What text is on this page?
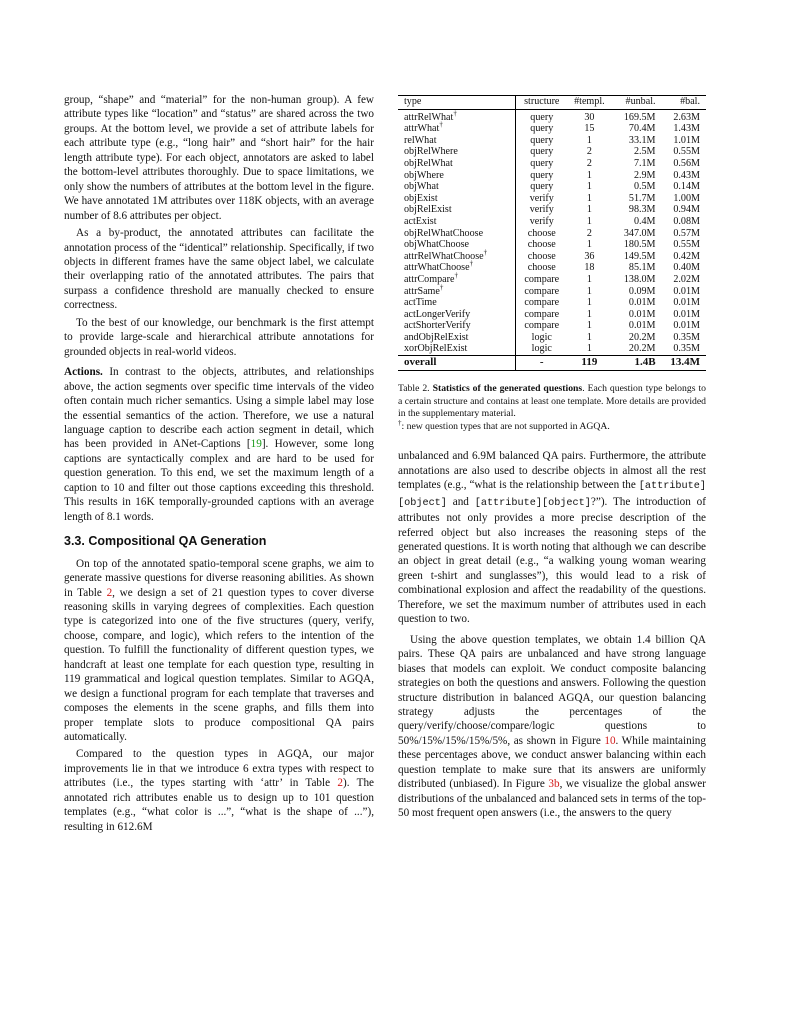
group, “shape” and “material” for the non-human group). A few attribute types like “location” and “status” are shared across the two groups. At the bottom level, we provide a set of attribute labels for each attribute type (e.g., “long hair” and “short hair” for the hair length attribute type). For each object, annotators are asked to label the bottom-level attributes thoroughly. Due to space limitations, we only show the numbers of attributes at the bottom level in the figure. We have annotated 1M attributes over 118K objects, with an average number of 8.6 attributes per object.

As a by-product, the annotated attributes can facilitate the annotation process of the “identical” relationship. Specifically, if two objects in different frames have the same object label, we calculate their overlapping ratio of the annotated attributes. The pairs that surpass a confidence threshold are manually checked to ensure correctness.

To the best of our knowledge, our benchmark is the first attempt to provide large-scale and hierarchical attribute annotations for grounded objects in real-world videos.

Actions. In contrast to the objects, attributes, and relationships above, the action segments over specific time intervals of the video often contain much richer semantics. Using a simple label may lose the essential semantics of the action. Therefore, we use a natural language caption to describe each action segment in detail, which has been provided in ANet-Captions [19]. However, some long captions are syntactically complex and are hard to be used for question generation. To this end, we set the maximum length of a caption to 10 and filter out those captions exceeding this threshold. This results in 16K temporally-grounded captions with an average length of 8.1 words.

3.3. Compositional QA Generation

On top of the annotated spatio-temporal scene graphs, we aim to generate massive questions for diverse reasoning abilities. As shown in Table 2, we design a set of 21 question types to cover diverse reasoning skills in varying degrees of complexities. Each question type is categorized into one of the five structures (query, verify, choose, compare, and logic), which refers to the intention of the question. To fulfill the functionality of different question types, we handcraft at least one template for each question type, resulting in 119 grammatical and logical question templates. Similar to AGQA, we design a functional program for each template that traverses and composes the elements in the scene graphs, and fills them into proper template slots to produce compositional QA pairs automatically.

Compared to the question types in AGQA, our major improvements lie in that we introduce 6 extra types with respect to attributes (i.e., the types starting with ‘attr’ in Table 2). The annotated rich attributes enable us to design up to 101 question templates (e.g., “what color is ...”, “what is the shape of ...”), resulting in 612.6M

type	structure	#templ.	#unbal.	#bal.
attrRelWhat†	query	30	169.5M	2.63M
attrWhat†	query	15	70.4M	1.43M
relWhat	query	1	33.1M	1.01M
objRelWhere	query	2	2.5M	0.55M
objRelWhat	query	2	7.1M	0.56M
objWhere	query	1	2.9M	0.43M
objWhat	query	1	0.5M	0.14M
objExist	verify	1	51.7M	1.00M
objRelExist	verify	1	98.3M	0.94M
actExist	verify	1	0.4M	0.08M
objRelWhatChoose	choose	2	347.0M	0.57M
objWhatChoose	choose	1	180.5M	0.55M
attrRelWhatChoose†	choose	36	149.5M	0.42M
attrWhatChoose†	choose	18	85.1M	0.40M
attrCompare†	compare	1	138.0M	2.02M
attrSame†	compare	1	0.09M	0.01M
actTime	compare	1	0.01M	0.01M
actLongerVerify	compare	1	0.01M	0.01M
actShorterVerify	compare	1	0.01M	0.01M
andObjRelExist	logic	1	20.2M	0.35M
xorObjRelExist	logic	1	20.2M	0.35M
overall	-	119	1.4B	13.4M
Table 2. Statistics of the generated questions. Each question type belongs to a certain structure and contains at least one template. More details are provided in the supplementary material.
†: new question types that are not supported in AGQA.

unbalanced and 6.9M balanced QA pairs. Furthermore, the attribute annotations are also used to describe objects in almost all the rest templates (e.g., “what is the relationship between the [attribute][object] and [attribute][object]?”). The introduction of attributes not only provides a more precise description of the referred object but also increases the reasoning steps of the generated questions. It is worth noting that although we can describe an object in great detail (e.g., “a walking young woman wearing green t-shirt and sunglasses”), this would lead to a risk of combinational explosion and affect the readability of the questions. Therefore, we set the maximum number of attributes used in each question to two.

Using the above question templates, we obtain 1.4 billion QA pairs. These QA pairs are unbalanced and have strong language biases that models can exploit. We conduct composite balancing strategies on both the questions and answers. Following the question structure distribution in balanced AGQA, our question balancing strategy adjusts the percentages of the query/verify/choose/compare/logic questions to 50%/15%/15%/15%/5%, as shown in Figure 10. While maintaining these percentages above, we conduct answer balancing within each question template to make sure that its answers are uniformly distributed (unbiased). In Figure 3b, we visualize the global answer distributions of the unbalanced and balanced sets in terms of the top-50 most frequent open answers (i.e., the answers to the query
